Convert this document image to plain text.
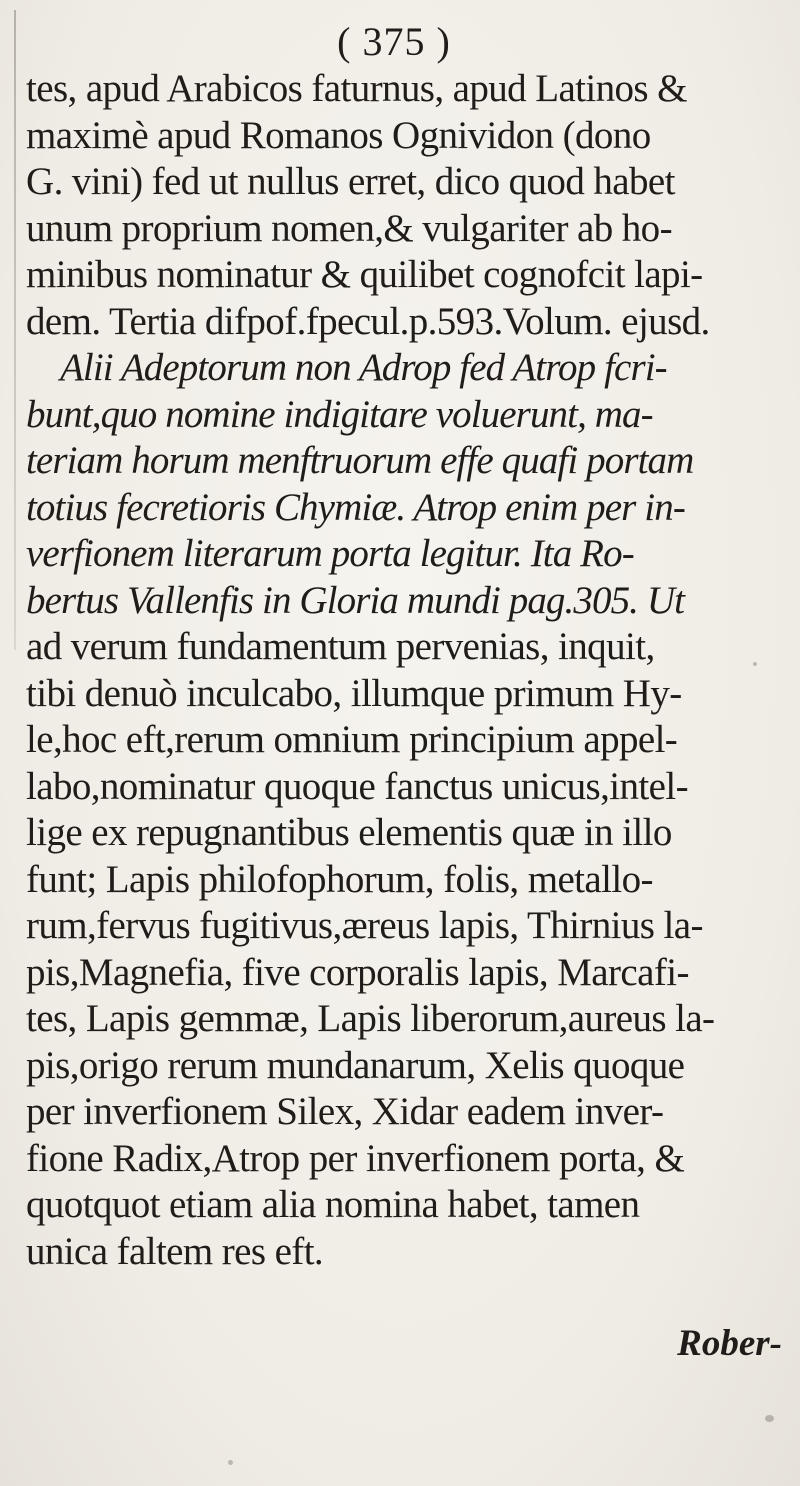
( 375 )
tes, apud Arabicos faturnus, apud Latinos &
maximè apud Romanos Ognividon (dono
G. vini) fed ut nullus erret, dico quod habet
unum proprium nomen,& vulgariter ab ho-
minibus nominatur & quilibet cognofcit lapi-
dem. Tertia difpof.fpecul.p.593.Volum. ejusd.
Alii Adeptorum non Adrop fed Atrop fcri-
bunt,quo nomine indigitare voluerunt, ma-
teriam horum menftruorum effe quafi portam
totius fecretioris Chymiæ. Atrop enim per in-
verfionem literarum porta legitur. Ita Ro-
bertus Vallenfis in Gloria mundi pag.305. Ut
ad verum fundamentum pervenias, inquit,
tibi denuò inculcabo, illumque primum Hy-
le,hoc eft,rerum omnium principium appel-
labo,nominatur quoque fanctus unicus,intel-
lige ex repugnantibus elementis quæ in illo
funt; Lapis philofophorum, folis, metallo-
rum,fervus fugitivus,æreus lapis, Thirnius la-
pis,Magnefia, five corporalis lapis, Marcafi-
tes, Lapis gemmæ, Lapis liberorum,aureus la-
pis,origo rerum mundanarum, Xelis quoque
per inverfionem Silex, Xidar eadem inver-
fione Radix,Atrop per inverfionem porta, &
quotquot etiam alia nomina habet, tamen
unica faltem res eft.
Rober-
